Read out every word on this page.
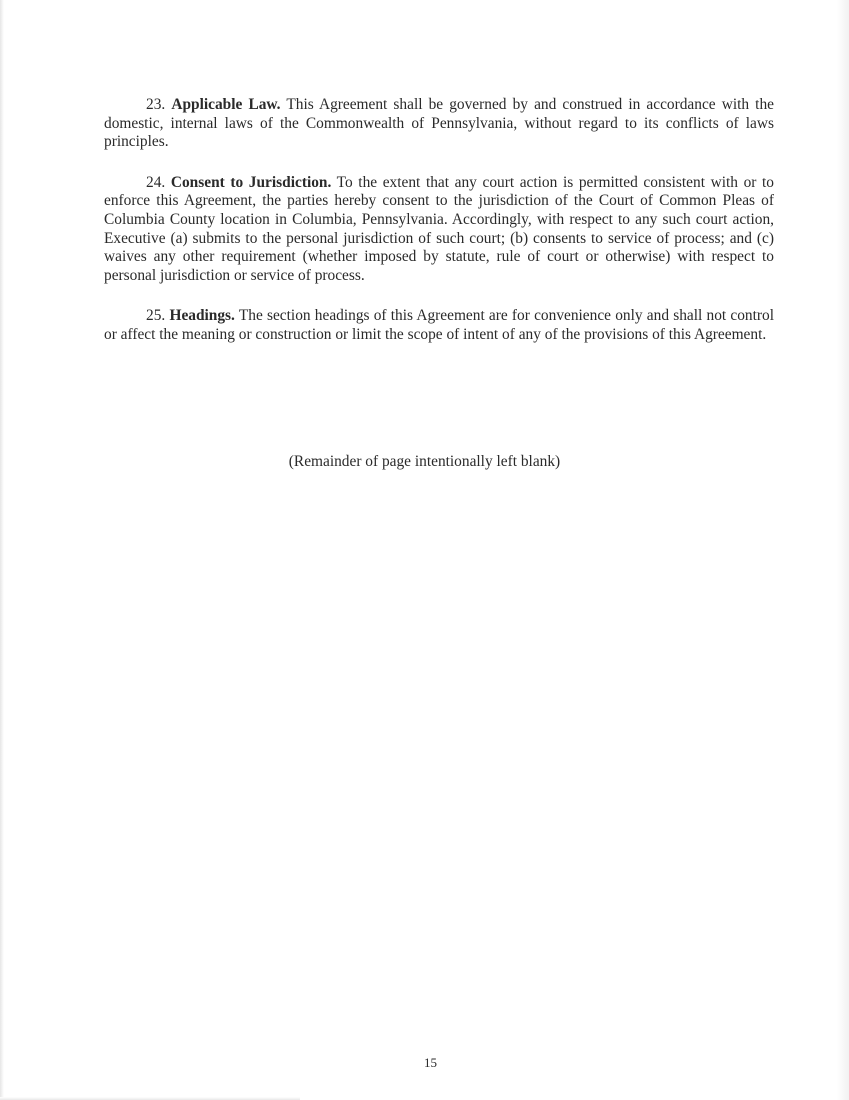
23. Applicable Law. This Agreement shall be governed by and construed in accordance with the domestic, internal laws of the Commonwealth of Pennsylvania, without regard to its conflicts of laws principles.

24. Consent to Jurisdiction. To the extent that any court action is permitted consistent with or to enforce this Agreement, the parties hereby consent to the jurisdiction of the Court of Common Pleas of Columbia County location in Columbia, Pennsylvania. Accordingly, with respect to any such court action, Executive (a) submits to the personal jurisdiction of such court; (b) consents to service of process; and (c) waives any other requirement (whether imposed by statute, rule of court or otherwise) with respect to personal jurisdiction or service of process.

25. Headings. The section headings of this Agreement are for convenience only and shall not control or affect the meaning or construction or limit the scope of intent of any of the provisions of this Agreement.

(Remainder of page intentionally left blank)
15
